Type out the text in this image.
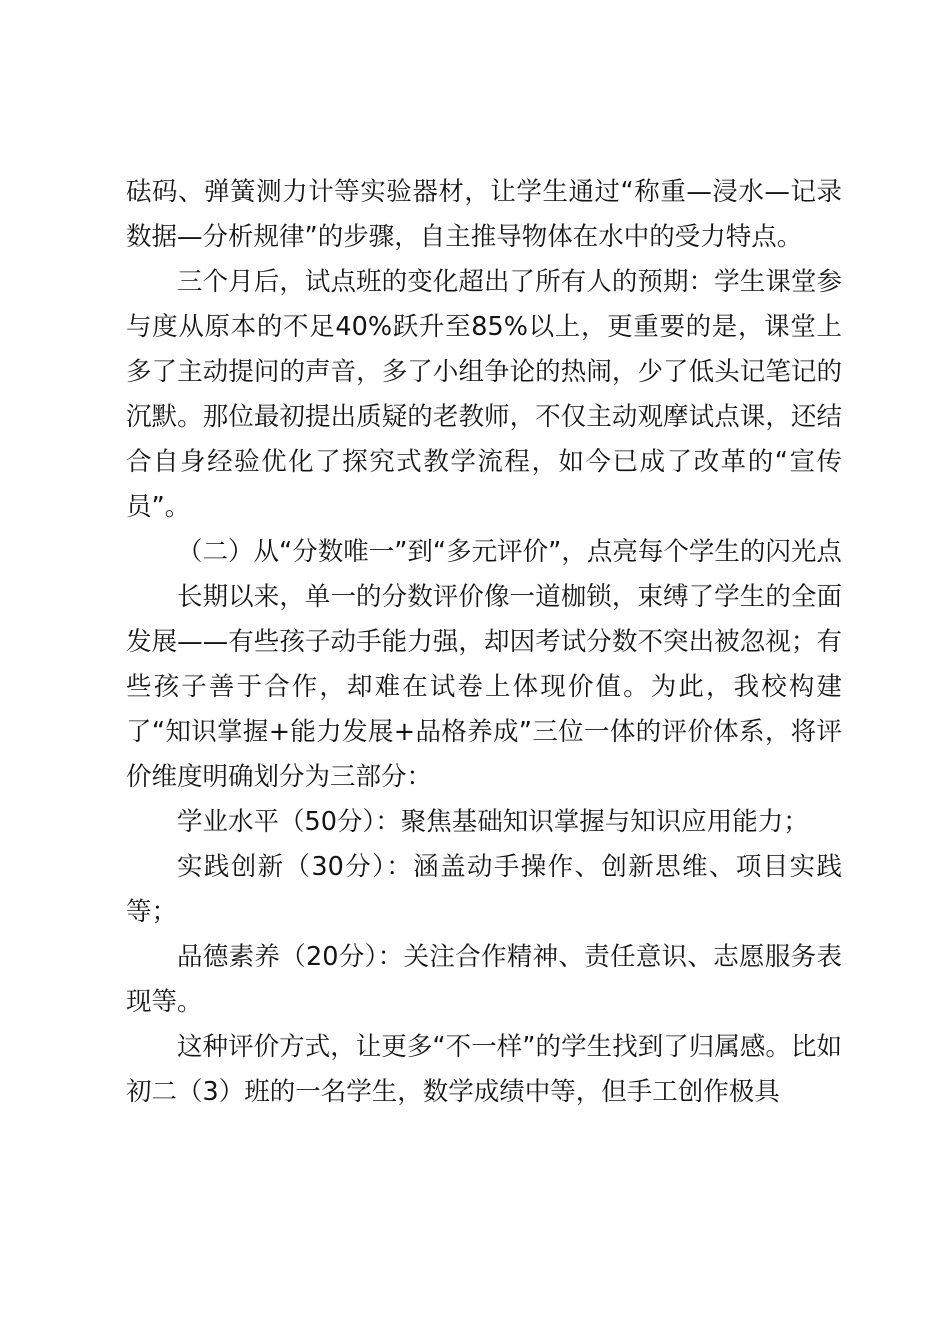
砝码、弹簧测力计等实验器材，让学生通过“称重—浸水—记录数据—分析规律”的步骤，自主推导物体在水中的受力特点。

三个月后，试点班的变化超出了所有人的预期：学生课堂参与度从原本的不足40%跃升至85%以上，更重要的是，课堂上多了主动提问的声音，多了小组争论的热闹，少了低头记笔记的沉默。那位最初提出质疑的老教师，不仅主动观摩试点课，还结合自身经验优化了探究式教学流程，如今已成了改革的“宣传员”。

（二）从“分数唯一”到“多元评价”，点亮每个学生的闪光点

长期以来，单一的分数评价像一道枷锁，束缚了学生的全面发展——有些孩子动手能力强，却因考试分数不突出被忽视；有些孩子善于合作，却难在试卷上体现价值。为此，我校构建了“知识掌握+能力发展+品格养成”三位一体的评价体系，将评价维度明确划分为三部分：

学业水平（50分）：聚焦基础知识掌握与知识应用能力；

实践创新（30分）：涵盖动手操作、创新思维、项目实践等；

品德素养（20分）：关注合作精神、责任意识、志愿服务表现等。

这种评价方式，让更多“不一样”的学生找到了归属感。比如初二（3）班的一名学生，数学成绩中等，但手工创作极具
